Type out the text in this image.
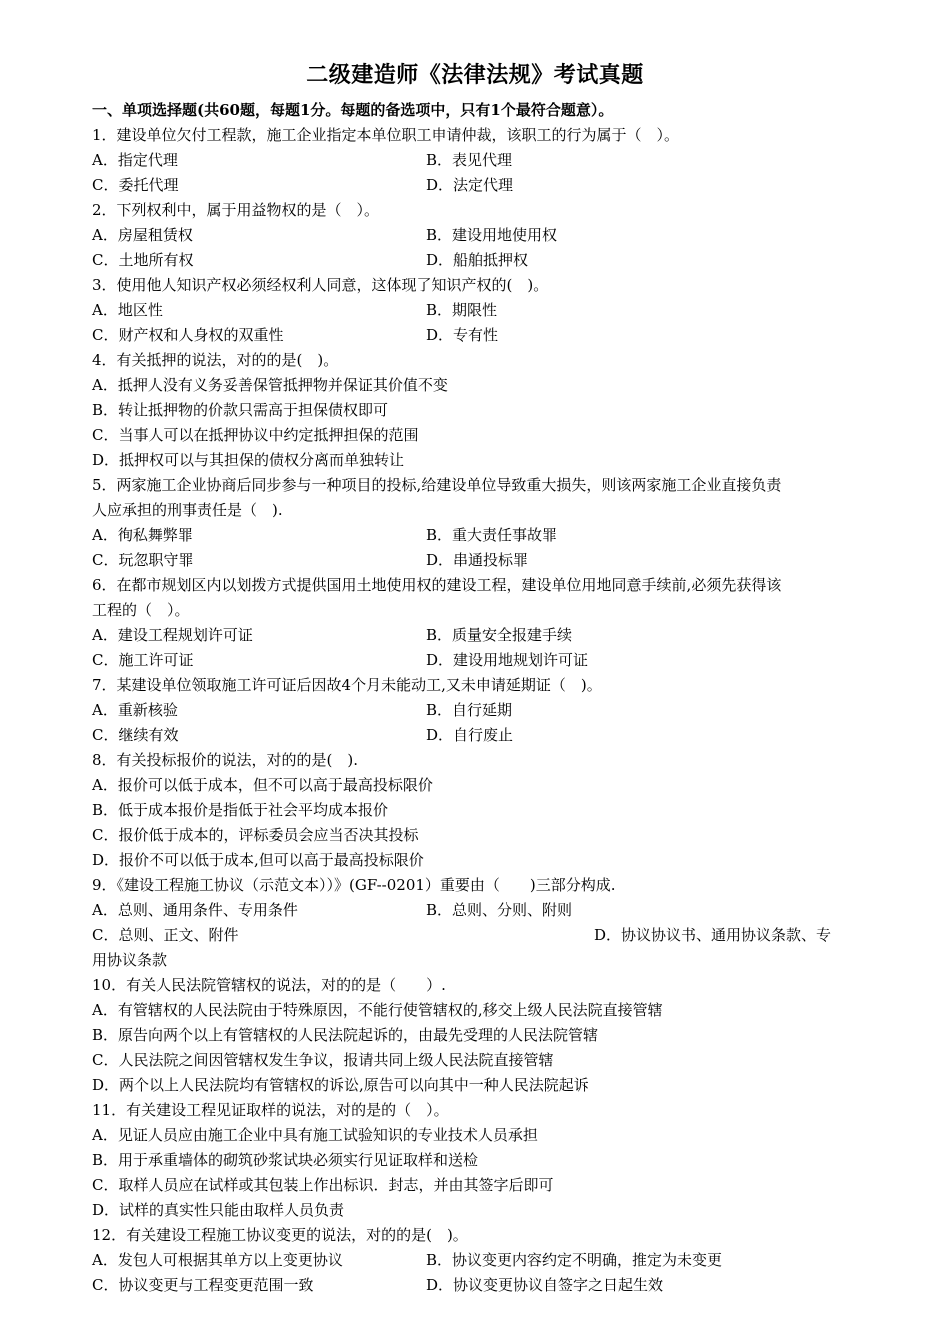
二级建造师《法律法规》考试真题
一、单项选择题(共60题，每题1分。每题的备选项中，只有1个最符合题意）。
1．建设单位欠付工程款，施工企业指定本单位职工申请仲裁，该职工的行为属于（　）。
A．指定代理	B．表见代理
C．委托代理	D．法定代理
2．下列权利中，属于用益物权的是（　）。
A．房屋租赁权	B．建设用地使用权
C．土地所有权	D．船舶抵押权
3．使用他人知识产权必须经权利人同意，这体现了知识产权的(　)。
A．地区性	B．期限性
C．财产权和人身权的双重性	D．专有性
4．有关抵押的说法，对的的是(　)。
A．抵押人没有义务妥善保管抵押物并保证其价值不变
B．转让抵押物的价款只需高于担保债权即可
C．当事人可以在抵押协议中约定抵押担保的范围
D．抵押权可以与其担保的债权分离而单独转让
5．两家施工企业协商后同步参与一种项目的投标,给建设单位导致重大损失，则该两家施工企业直接负责
人应承担的刑事责任是（　).
A．徇私舞弊罪	B．重大责任事故罪
C．玩忽职守罪	D．串通投标罪
6．在都市规划区内以划拨方式提供国用土地使用权的建设工程，建设单位用地同意手续前,必须先获得该
工程的（　）。
A．建设工程规划许可证	B．质量安全报建手续
C．施工许可证	D．建设用地规划许可证
7．某建设单位领取施工许可证后因故4个月未能动工,又未申请延期证（　)。
A．重新核验	B．自行延期
C．继续有效	D．自行废止
8．有关投标报价的说法，对的的是(　).
A．报价可以低于成本，但不可以高于最高投标限价
B．低于成本报价是指低于社会平均成本报价
C．报价低于成本的，评标委员会应当否决其投标
D．报价不可以低于成本,但可以高于最高投标限价
9．《建设工程施工协议（示范文本））》(GF--0201）重要由（　　)三部分构成.
A．总则、通用条件、专用条件	B．总则、分则、附则
C．总则、正文、附件	D．协议协议书、通用协议条款、专
用协议条款
10．有关人民法院管辖权的说法，对的的是（　　）.
A．有管辖权的人民法院由于特殊原因，不能行使管辖权的,移交上级人民法院直接管辖
B．原告向两个以上有管辖权的人民法院起诉的，由最先受理的人民法院管辖
C．人民法院之间因管辖权发生争议，报请共同上级人民法院直接管辖
D．两个以上人民法院均有管辖权的诉讼,原告可以向其中一种人民法院起诉
11．有关建设工程见证取样的说法，对的是的（　）。
A．见证人员应由施工企业中具有施工试验知识的专业技术人员承担
B．用于承重墙体的砌筑砂浆试块必须实行见证取样和送检
C．取样人员应在试样或其包装上作出标识．封志，并由其签字后即可
D．试样的真实性只能由取样人员负责
12．有关建设工程施工协议变更的说法，对的的是(　)。
A．发包人可根据其单方以上变更协议	B．协议变更内容约定不明确，推定为未变更
C．协议变更与工程变更范围一致	D．协议变更协议自签字之日起生效
